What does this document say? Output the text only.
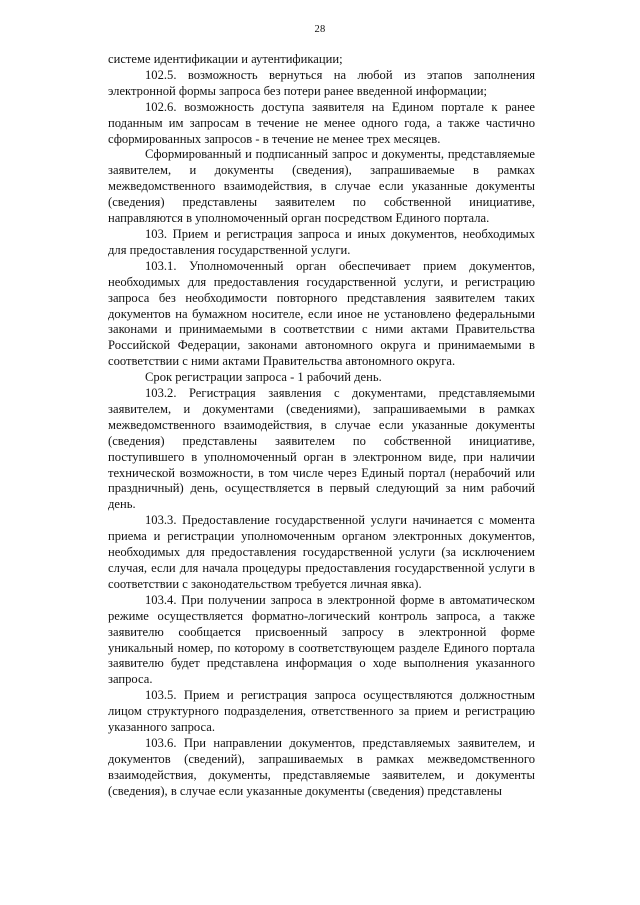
28

системе идентификации и аутентификации;

102.5. возможность вернуться на любой из этапов заполнения электронной формы запроса без потери ранее введенной информации;

102.6. возможность доступа заявителя на Едином портале к ранее поданным им запросам в течение не менее одного года, а также частично сформированных запросов - в течение не менее трех месяцев.

Сформированный и подписанный запрос и документы, представляемые заявителем, и документы (сведения), запрашиваемые в рамках межведомственного взаимодействия, в случае если указанные документы (сведения) представлены заявителем по собственной инициативе, направляются в уполномоченный орган посредством Единого портала.

103. Прием и регистрация запроса и иных документов, необходимых для предоставления государственной услуги.

103.1. Уполномоченный орган обеспечивает прием документов, необходимых для предоставления государственной услуги, и регистрацию запроса без необходимости повторного представления заявителем таких документов на бумажном носителе, если иное не установлено федеральными законами и принимаемыми в соответствии с ними актами Правительства Российской Федерации, законами автономного округа и принимаемыми в соответствии с ними актами Правительства автономного округа.

Срок регистрации запроса - 1 рабочий день.

103.2. Регистрация заявления с документами, представляемыми заявителем, и документами (сведениями), запрашиваемыми в рамках межведомственного взаимодействия, в случае если указанные документы (сведения) представлены заявителем по собственной инициативе, поступившего в уполномоченный орган в электронном виде, при наличии технической возможности, в том числе через Единый портал (нерабочий или праздничный) день, осуществляется в первый следующий за ним рабочий день.

103.3. Предоставление государственной услуги начинается с момента приема и регистрации уполномоченным органом электронных документов, необходимых для предоставления государственной услуги (за исключением случая, если для начала процедуры предоставления государственной услуги в соответствии с законодательством требуется личная явка).

103.4. При получении запроса в электронной форме в автоматическом режиме осуществляется форматно-логический контроль запроса, а также заявителю сообщается присвоенный запросу в электронной форме уникальный номер, по которому в соответствующем разделе Единого портала заявителю будет представлена информация о ходе выполнения указанного запроса.

103.5. Прием и регистрация запроса осуществляются должностным лицом структурного подразделения, ответственного за прием и регистрацию указанного запроса.

103.6. При направлении документов, представляемых заявителем, и документов (сведений), запрашиваемых в рамках межведомственного взаимодействия, документы, представляемые заявителем, и документы (сведения), в случае если указанные документы (сведения) представлены
